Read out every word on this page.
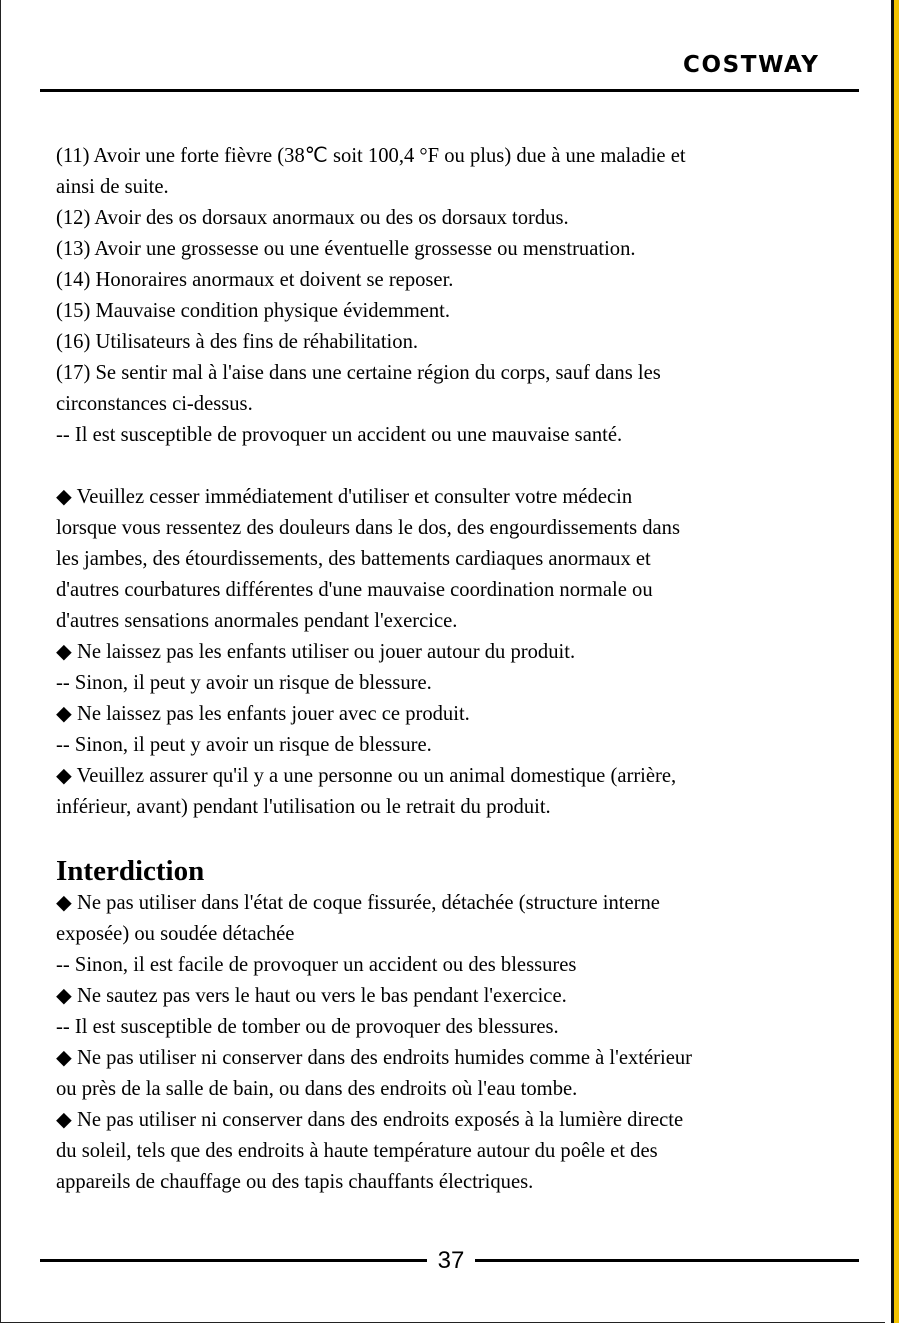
COSTWAY

(11) Avoir une forte fièvre (38℃ soit 100,4 °F ou plus) due à une maladie et
ainsi de suite.

(12) Avoir des os dorsaux anormaux ou des os dorsaux tordus.

(13) Avoir une grossesse ou une éventuelle grossesse ou menstruation.

(14) Honoraires anormaux et doivent se reposer.

(15) Mauvaise condition physique évidemment.

(16) Utilisateurs à des fins de réhabilitation.

(17) Se sentir mal à l'aise dans une certaine région du corps, sauf dans les
circonstances ci-dessus.

-- Il est susceptible de provoquer un accident ou une mauvaise santé.

◆ Veuillez cesser immédiatement d'utiliser et consulter votre médecin
lorsque vous ressentez des douleurs dans le dos, des engourdissements dans
les jambes, des étourdissements, des battements cardiaques anormaux et
d'autres courbatures différentes d'une mauvaise coordination normale ou
d'autres sensations anormales pendant l'exercice.

◆ Ne laissez pas les enfants utiliser ou jouer autour du produit.

-- Sinon, il peut y avoir un risque de blessure.

◆ Ne laissez pas les enfants jouer avec ce produit.

-- Sinon, il peut y avoir un risque de blessure.

◆ Veuillez assurer qu'il y a une personne ou un animal domestique (arrière,
inférieur, avant) pendant l'utilisation ou le retrait du produit.

Interdiction

◆ Ne pas utiliser dans l'état de coque fissurée, détachée (structure interne
exposée) ou soudée détachée

-- Sinon, il est facile de provoquer un accident ou des blessures

◆ Ne sautez pas vers le haut ou vers le bas pendant l'exercice.

-- Il est susceptible de tomber ou de provoquer des blessures.

◆ Ne pas utiliser ni conserver dans des endroits humides comme à l'extérieur
ou près de la salle de bain, ou dans des endroits où l'eau tombe.

◆ Ne pas utiliser ni conserver dans des endroits exposés à la lumière directe
du soleil, tels que des endroits à haute température autour du poêle et des
appareils de chauffage ou des tapis chauffants électriques.

37
